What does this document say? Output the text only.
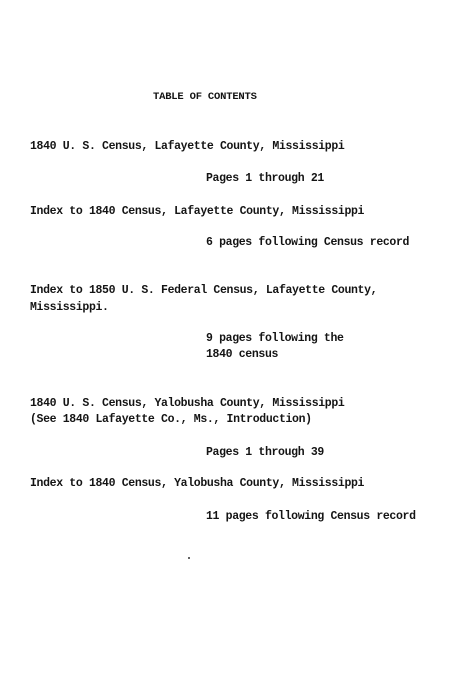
TABLE OF CONTENTS
1840 U. S. Census, Lafayette County, Mississippi
Pages 1 through 21
Index to 1840 Census, Lafayette County, Mississippi
6 pages following Census record
Index to 1850 U. S. Federal Census, Lafayette County,
Mississippi.
9 pages following the
1840 census
1840 U. S. Census, Yalobusha County, Mississippi
(See 1840 Lafayette Co., Ms., Introduction)
Pages 1 through 39
Index to 1840 Census, Yalobusha County, Mississippi
11 pages following Census record
